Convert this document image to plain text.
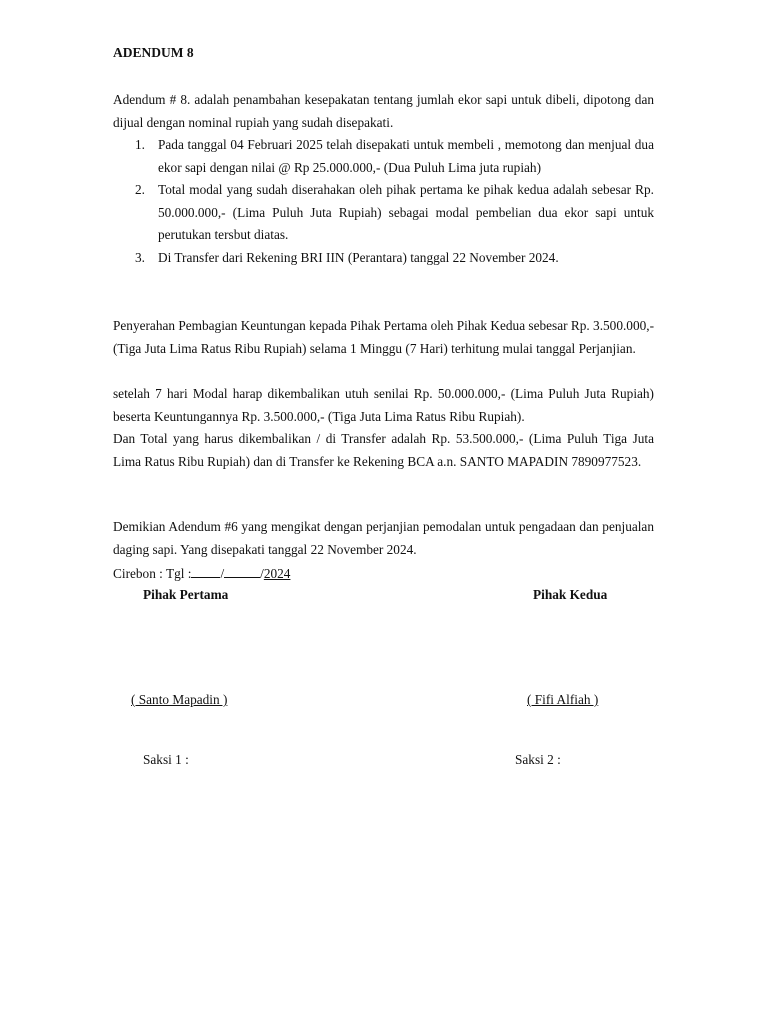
ADENDUM 8
Adendum # 8. adalah penambahan kesepakatan tentang jumlah ekor sapi untuk dibeli, dipotong dan dijual dengan nominal rupiah yang sudah disepakati.
1. Pada tanggal 04 Februari 2025 telah disepakati untuk membeli , memotong dan menjual dua ekor sapi dengan nilai @ Rp 25.000.000,- (Dua Puluh Lima juta rupiah)
2. Total modal yang sudah diserahakan oleh pihak pertama ke pihak kedua adalah sebesar Rp. 50.000.000,- (Lima Puluh Juta Rupiah) sebagai modal pembelian dua ekor sapi untuk perutukan tersbut diatas.
3. Di Transfer dari Rekening BRI IIN (Perantara) tanggal 22 November 2024.
Penyerahan Pembagian Keuntungan kepada Pihak Pertama oleh Pihak Kedua sebesar Rp. 3.500.000,- (Tiga Juta Lima Ratus Ribu Rupiah) selama 1 Minggu (7 Hari) terhitung mulai tanggal Perjanjian.
setelah 7 hari Modal harap dikembalikan utuh senilai Rp. 50.000.000,- (Lima Puluh Juta Rupiah) beserta Keuntungannya Rp. 3.500.000,- (Tiga Juta Lima Ratus Ribu Rupiah).
Dan Total yang harus dikembalikan / di Transfer adalah Rp. 53.500.000,- (Lima Puluh Tiga Juta Lima Ratus Ribu Rupiah) dan di Transfer ke Rekening BCA a.n. SANTO MAPADIN 7890977523.
Demikian Adendum #6 yang mengikat dengan perjanjian pemodalan untuk pengadaan dan penjualan daging sapi. Yang disepakati tanggal 22 November 2024.
Cirebon : Tgl : /	/2024
Pihak Pertama	Pihak Kedua
( Santo Mapadin )	( Fifi Alfiah )
Saksi 1 :	Saksi 2 :
